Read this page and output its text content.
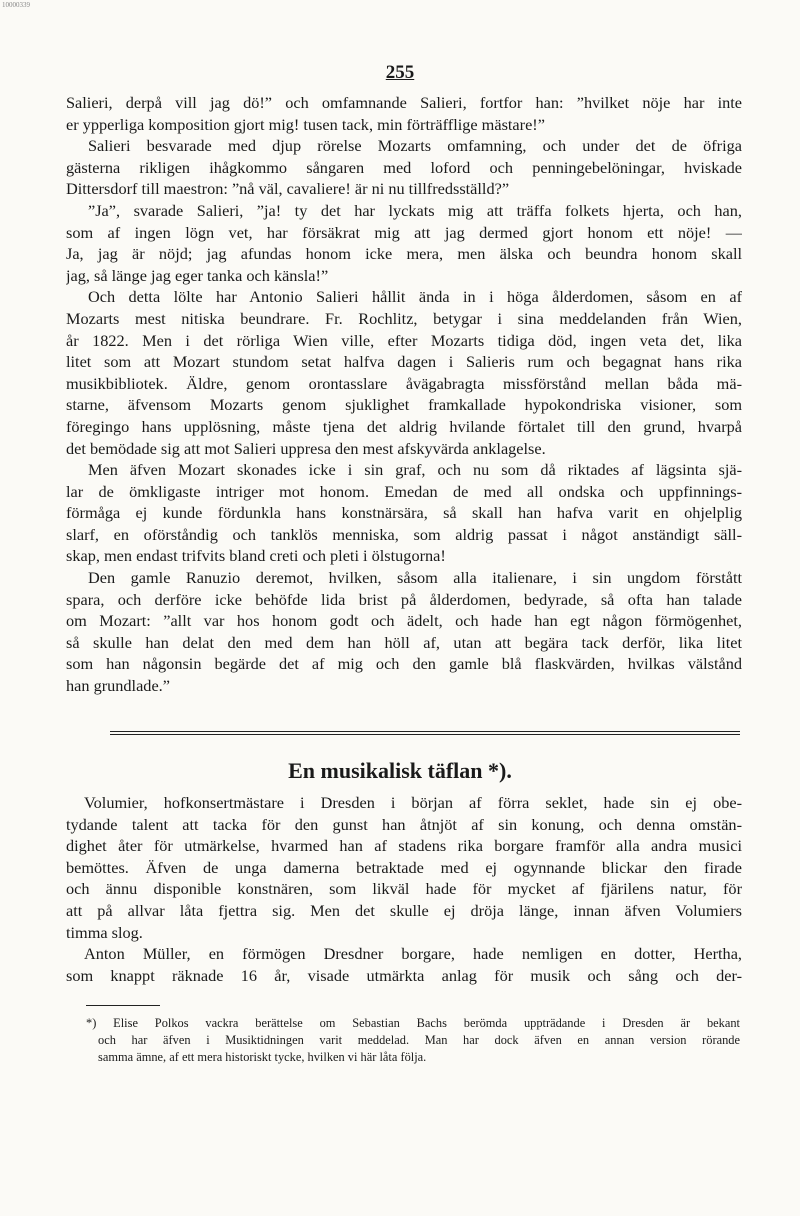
10000339
255
Salieri, derpå vill jag dö!” och omfamnande Salieri, fortfor han: ”hvilket nöje har inte
er ypperliga komposition gjort mig! tusen tack, min förträfflige mästare!”
Salieri besvarade med djup rörelse Mozarts omfamning, och under det de öfriga
gästerna rikligen ihågkommo sångaren med loford och penningebelöningar, hviskade
Dittersdorf till maestron: ”nå väl, cavaliere! är ni nu tillfredsställd?”
”Ja”, svarade Salieri, ”ja! ty det har lyckats mig att träffa folkets hjerta, och han,
som af ingen lögn vet, har försäkrat mig att jag dermed gjort honom ett nöje! —
Ja, jag är nöjd; jag afundas honom icke mera, men älska och beundra honom skall
jag, så länge jag eger tanka och känsla!”
Och detta lölte har Antonio Salieri hållit ända in i höga ålderdomen, såsom en af
Mozarts mest nitiska beundrare. Fr. Rochlitz, betygar i sina meddelanden från Wien,
år 1822. Men i det rörliga Wien ville, efter Mozarts tidiga död, ingen veta det, lika
litet som att Mozart stundom setat halfva dagen i Salieris rum och begagnat hans rika
musikbibliotek. Äldre, genom orontasslare åvägabragta missförstånd mellan båda mä-
starne, äfvensom Mozarts genom sjuklighet framkallade hypokondriska visioner, som
föregingo hans upplösning, måste tjena det aldrig hvilande förtalet till den grund, hvarpå
det bemödade sig att mot Salieri uppresa den mest afskyvärda anklagelse.
Men äfven Mozart skonades icke i sin graf, och nu som då riktades af lägsinta sjä-
lar de ömkligaste intriger mot honom. Emedan de med all ondska och uppfinnings-
förmåga ej kunde fördunkla hans konstnärsära, så skall han hafva varit en ohjelplig
slarf, en oförståndig och tanklös menniska, som aldrig passat i något anständigt säll-
skap, men endast trifvits bland creti och pleti i ölstugorna!
Den gamle Ranuzio deremot, hvilken, såsom alla italienare, i sin ungdom förstått
spara, och derföre icke behöfde lida brist på ålderdomen, bedyrade, så ofta han talade
om Mozart: ”allt var hos honom godt och ädelt, och hade han egt någon förmögenhet,
så skulle han delat den med dem han höll af, utan att begära tack derför, lika litet
som han någonsin begärde det af mig och den gamle blå flaskvärden, hvilkas välstånd
han grundlade.”
En musikalisk täflan *).
Volumier, hofkonsertmästare i Dresden i början af förra seklet, hade sin ej obe-
tydande talent att tacka för den gunst han åtnjöt af sin konung, och denna omstän-
dighet åter för utmärkelse, hvarmed han af stadens rika borgare framför alla andra musici
bemöttes. Äfven de unga damerna betraktade med ej ogynnande blickar den firade
och ännu disponible konstnären, som likväl hade för mycket af fjärilens natur, för
att på allvar låta fjettra sig. Men det skulle ej dröja länge, innan äfven Volumiers
timma slog.
Anton Müller, en förmögen Dresdner borgare, hade nemligen en dotter, Hertha,
som knappt räknade 16 år, visade utmärkta anlag för musik och sång och der-
*) Elise Polkos vackra berättelse om Sebastian Bachs berömda uppträdande i Dresden är bekant
och har äfven i Musiktidningen varit meddelad. Man har dock äfven en annan version rörande
samma ämne, af ett mera historiskt tycke, hvilken vi här låta följa.
